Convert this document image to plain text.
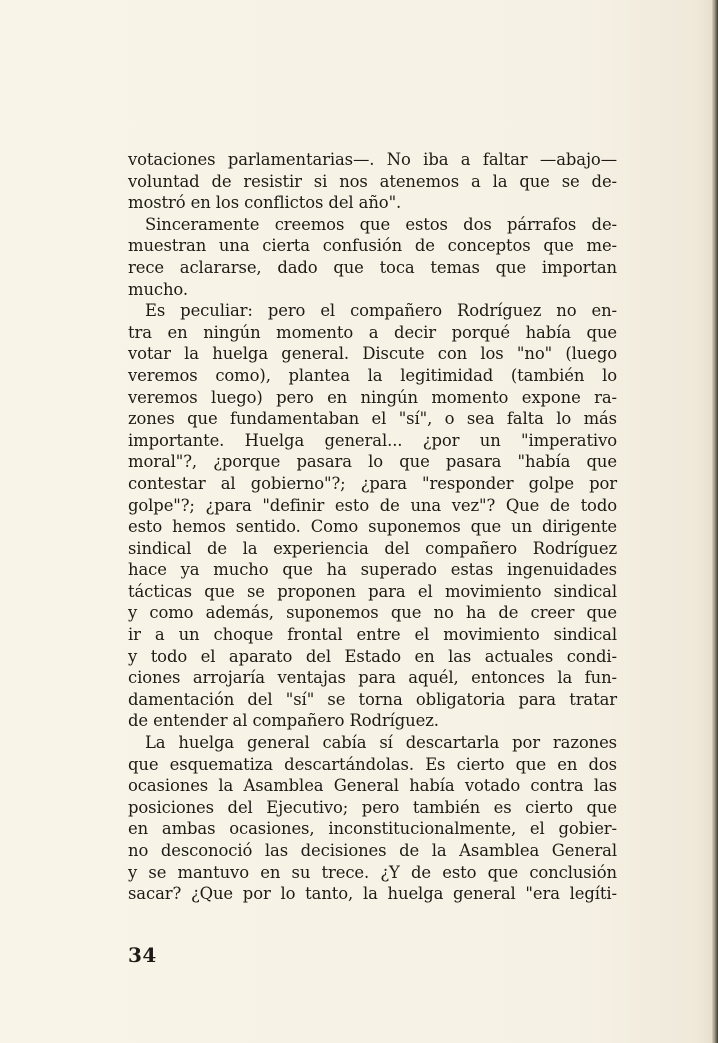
votaciones parlamentarias—. No iba a faltar —abajo—
voluntad de resistir si nos atenemos a la que se de-
mostró en los conflictos del año".
Sinceramente creemos que estos dos párrafos de-
muestran una cierta confusión de conceptos que me-
rece aclararse, dado que toca temas que importan
mucho.
Es peculiar: pero el compañero Rodríguez no en-
tra en ningún momento a decir porqué había que
votar la huelga general. Discute con los "no" (luego
veremos como), plantea la legitimidad (también lo
veremos luego) pero en ningún momento expone ra-
zones que fundamentaban el "sí", o sea falta lo más
importante. Huelga general... ¿por un "imperativo
moral"?, ¿porque pasara lo que pasara "había que
contestar al gobierno"?; ¿para "responder golpe por
golpe"?; ¿para "definir esto de una vez"? Que de todo
esto hemos sentido. Como suponemos que un dirigente
sindical de la experiencia del compañero Rodríguez
hace ya mucho que ha superado estas ingenuidades
tácticas que se proponen para el movimiento sindical
y como además, suponemos que no ha de creer que
ir a un choque frontal entre el movimiento sindical
y todo el aparato del Estado en las actuales condi-
ciones arrojaría ventajas para aquél, entonces la fun-
damentación del "sí" se torna obligatoria para tratar
de entender al compañero Rodríguez.
La huelga general cabía sí descartarla por razones
que esquematiza descartándolas. Es cierto que en dos
ocasiones la Asamblea General había votado contra las
posiciones del Ejecutivo; pero también es cierto que
en ambas ocasiones, inconstitucionalmente, el gobier-
no desconoció las decisiones de la Asamblea General
y se mantuvo en su trece. ¿Y de esto que conclusión
sacar? ¿Que por lo tanto, la huelga general "era legíti-
34
